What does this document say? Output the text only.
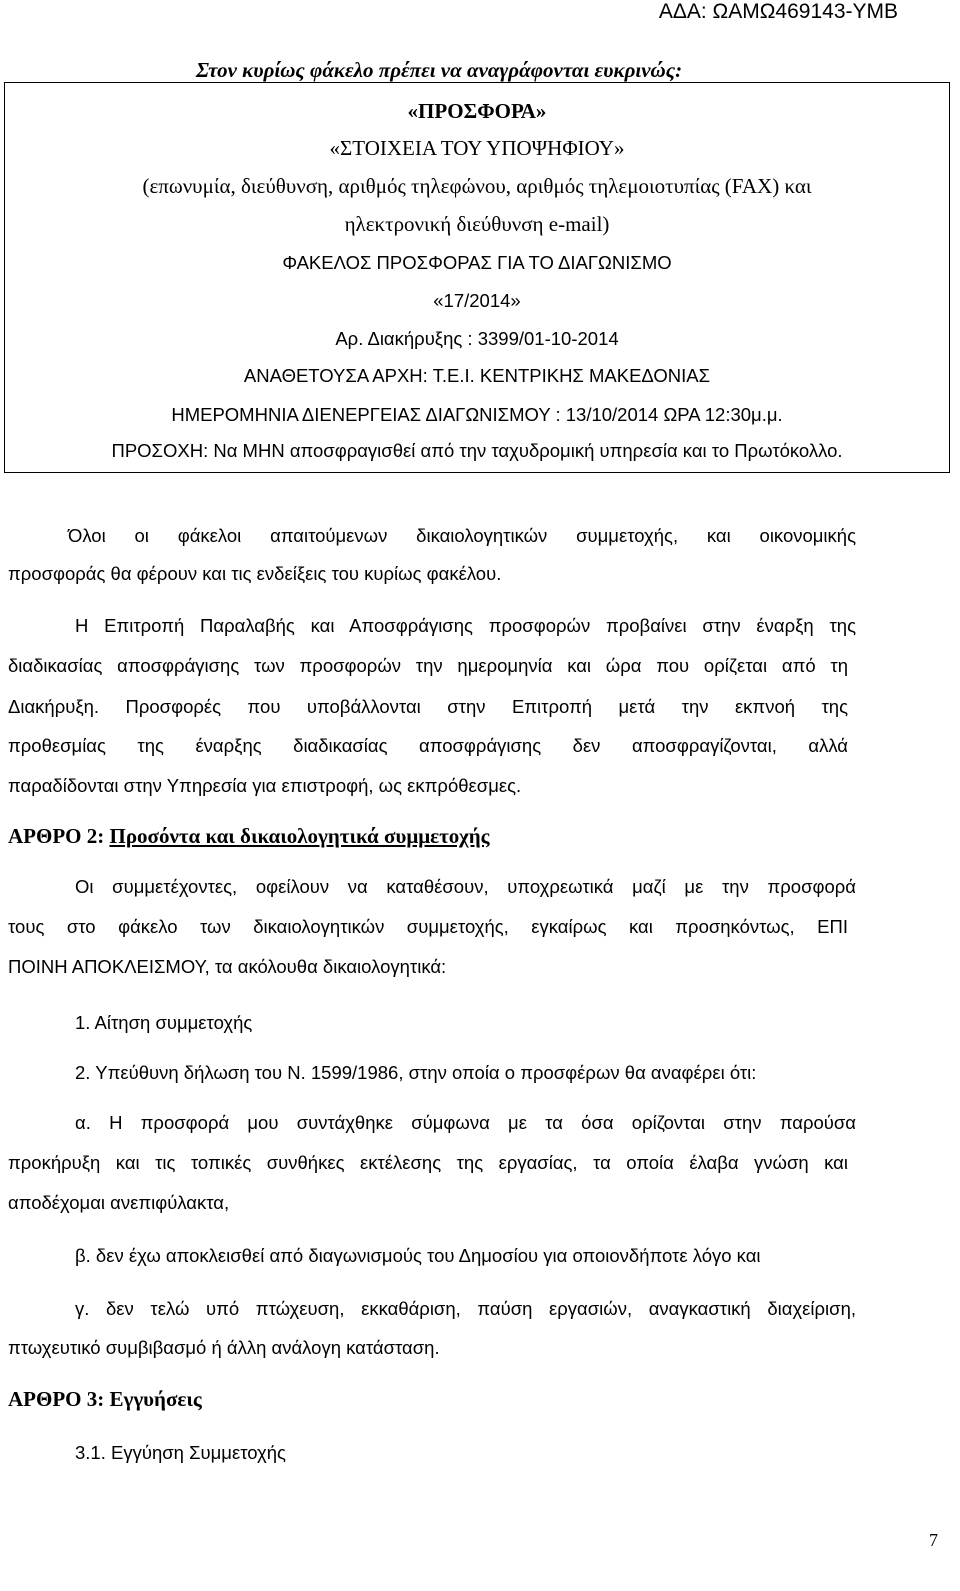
ΑΔΑ: ΩΑΜΩ469143-ΥΜΒ
Στον κυρίως φάκελο πρέπει να αναγράφονται ευκρινώς:
«ΠΡΟΣΦΟΡΑ»
«ΣΤΟΙΧΕΙΑ ΤΟΥ ΥΠΟΨΗΦΙΟΥ»
(επωνυμία, διεύθυνση, αριθμός τηλεφώνου, αριθμός τηλεμοιοτυπίας (FAX) και
ηλεκτρονική διεύθυνση e-mail)
ΦΑΚΕΛΟΣ ΠΡΟΣΦΟΡΑΣ ΓΙΑ ΤΟ ΔΙΑΓΩΝΙΣΜΟ
«17/2014»
Αρ. Διακήρυξης : 3399/01-10-2014
ΑΝΑΘΕΤΟΥΣΑ ΑΡΧΗ: Τ.Ε.Ι. ΚΕΝΤΡΙΚΗΣ ΜΑΚΕΔΟΝΙΑΣ
ΗΜΕΡΟΜΗΝΙΑ ΔΙΕΝΕΡΓΕΙΑΣ ΔΙΑΓΩΝΙΣΜΟΥ : 13/10/2014 ΩΡΑ 12:30μ.μ.
ΠΡΟΣΟΧΗ: Να ΜΗΝ αποσφραγισθεί από την ταχυδρομική υπηρεσία και το Πρωτόκολλο.
Όλοι οι φάκελοι απαιτούμενων δικαιολογητικών συμμετοχής, και οικονομικής
προσφοράς θα φέρουν και τις ενδείξεις του κυρίως φακέλου.
Η Επιτροπή Παραλαβής και Αποσφράγισης προσφορών προβαίνει στην έναρξη της
διαδικασίας αποσφράγισης των προσφορών την ημερομηνία και ώρα που ορίζεται από τη
Διακήρυξη. Προσφορές που υποβάλλονται στην Επιτροπή μετά την εκπνοή της
προθεσμίας της έναρξης διαδικασίας αποσφράγισης δεν αποσφραγίζονται, αλλά
παραδίδονται στην Υπηρεσία για επιστροφή, ως εκπρόθεσμες.
ΑΡΘΡΟ 2: Προσόντα και δικαιολογητικά συμμετοχής
Οι συμμετέχοντες, οφείλουν να καταθέσουν, υποχρεωτικά μαζί με την προσφορά
τους στο φάκελο των δικαιολογητικών συμμετοχής, εγκαίρως και προσηκόντως, ΕΠΙ
ΠΟΙΝΗ ΑΠΟΚΛΕΙΣΜΟΥ, τα ακόλουθα δικαιολογητικά:
1. Αίτηση συμμετοχής
2. Υπεύθυνη δήλωση του Ν. 1599/1986, στην οποία ο προσφέρων θα αναφέρει ότι:
α. Η προσφορά μου συντάχθηκε σύμφωνα με τα όσα ορίζονται στην παρούσα
προκήρυξη και τις τοπικές συνθήκες εκτέλεσης της εργασίας, τα οποία έλαβα γνώση και
αποδέχομαι ανεπιφύλακτα,
β. δεν έχω αποκλεισθεί από διαγωνισμούς του Δημοσίου για οποιονδήποτε λόγο και
γ. δεν τελώ υπό πτώχευση, εκκαθάριση, παύση εργασιών, αναγκαστική διαχείριση,
πτωχευτικό συμβιβασμό ή άλλη ανάλογη κατάσταση.
ΑΡΘΡΟ 3: Εγγυήσεις
3.1. Εγγύηση Συμμετοχής
7
